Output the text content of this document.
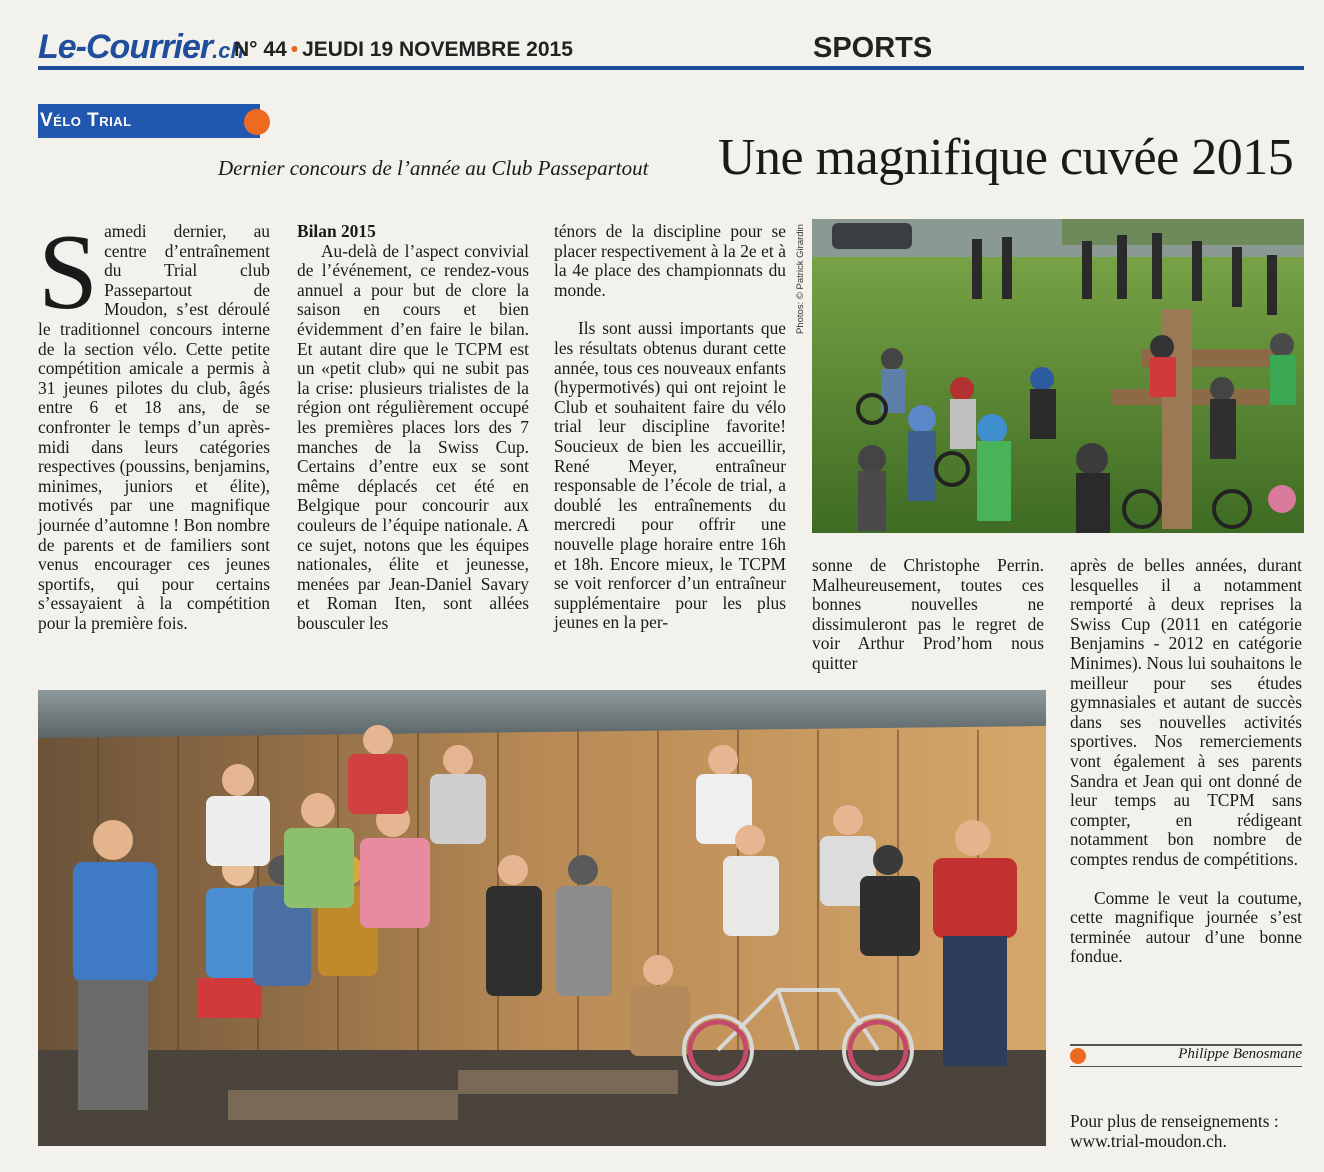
Le-Courrier.ch
N° 44 • JEUDI 19 NOVEMBRE 2015	SPORTS
Vélo Trial
Dernier concours de l’année au Club Passepartout Une magnifique cuvée 2015
S amedi dernier, au centre d’entraînement du Trial club Passepartout de Moudon, s’est déroulé le traditionnel concours interne de la section vélo. Cette petite compétition amicale a permis à 31 jeunes pilotes du club, âgés entre 6 et 18 ans, de se confronter le temps d’un après-midi dans leurs catégories respectives (poussins, benjamins, minimes, juniors et élite), motivés par une magnifique journée d’automne ! Bon nombre de parents et de familiers sont venus encourager ces jeunes sportifs, qui pour certains s’essayaient à la compétition pour la première fois.

Bilan 2015

Au-delà de l’aspect convivial de l’événement, ce rendez-vous annuel a pour but de clore la saison en cours et bien évidemment d’en faire le bilan. Et autant dire que le TCPM est un «petit club» qui ne subit pas la crise: plusieurs trialistes de la région ont régulièrement occupé les premières places lors des 7 manches de la Swiss Cup. Certains d’entre eux se sont même déplacés cet été en Belgique pour concourir aux couleurs de l’équipe nationale. A ce sujet, notons que les équipes nationales, élite et jeunesse, menées par Jean-Daniel Savary et Roman Iten, sont allées bousculer les

ténors de la discipline pour se placer respectivement à la 2e et à la 4e place des championnats du monde.

Ils sont aussi importants que les résultats obtenus durant cette année, tous ces nouveaux enfants (hypermotivés) qui ont rejoint le Club et souhaitent faire du vélo trial leur discipline favorite! Soucieux de bien les accueillir, René Meyer, entraîneur responsable de l’école de trial, a doublé les entraînements du mercredi pour offrir une nouvelle plage horaire entre 16h et 18h. Encore mieux, le TCPM se voit renforcer d’un entraîneur supplémentaire pour les plus jeunes en la per-

Photos: © Patrick Girardin

sonne de Christophe Perrin. Malheureusement, toutes ces bonnes nouvelles ne dissimuleront pas le regret de voir Arthur Prod’hom nous quitter

après de belles années, durant lesquelles il a notamment remporté à deux reprises la Swiss Cup (2011 en catégorie Benjamins - 2012 en catégorie Minimes). Nous lui souhaitons le meilleur pour ses études gymnasiales et autant de succès dans ses nouvelles activités sportives. Nos remerciements vont également à ses parents Sandra et Jean qui ont donné de leur temps au TCPM sans compter, en rédigeant notamment bon nombre de comptes rendus de compétitions.

Comme le veut la coutume, cette magnifique journée s’est terminée autour d’une bonne fondue.

Philippe Benosmane
Pour plus de renseignements :
www.trial-moudon.ch.
